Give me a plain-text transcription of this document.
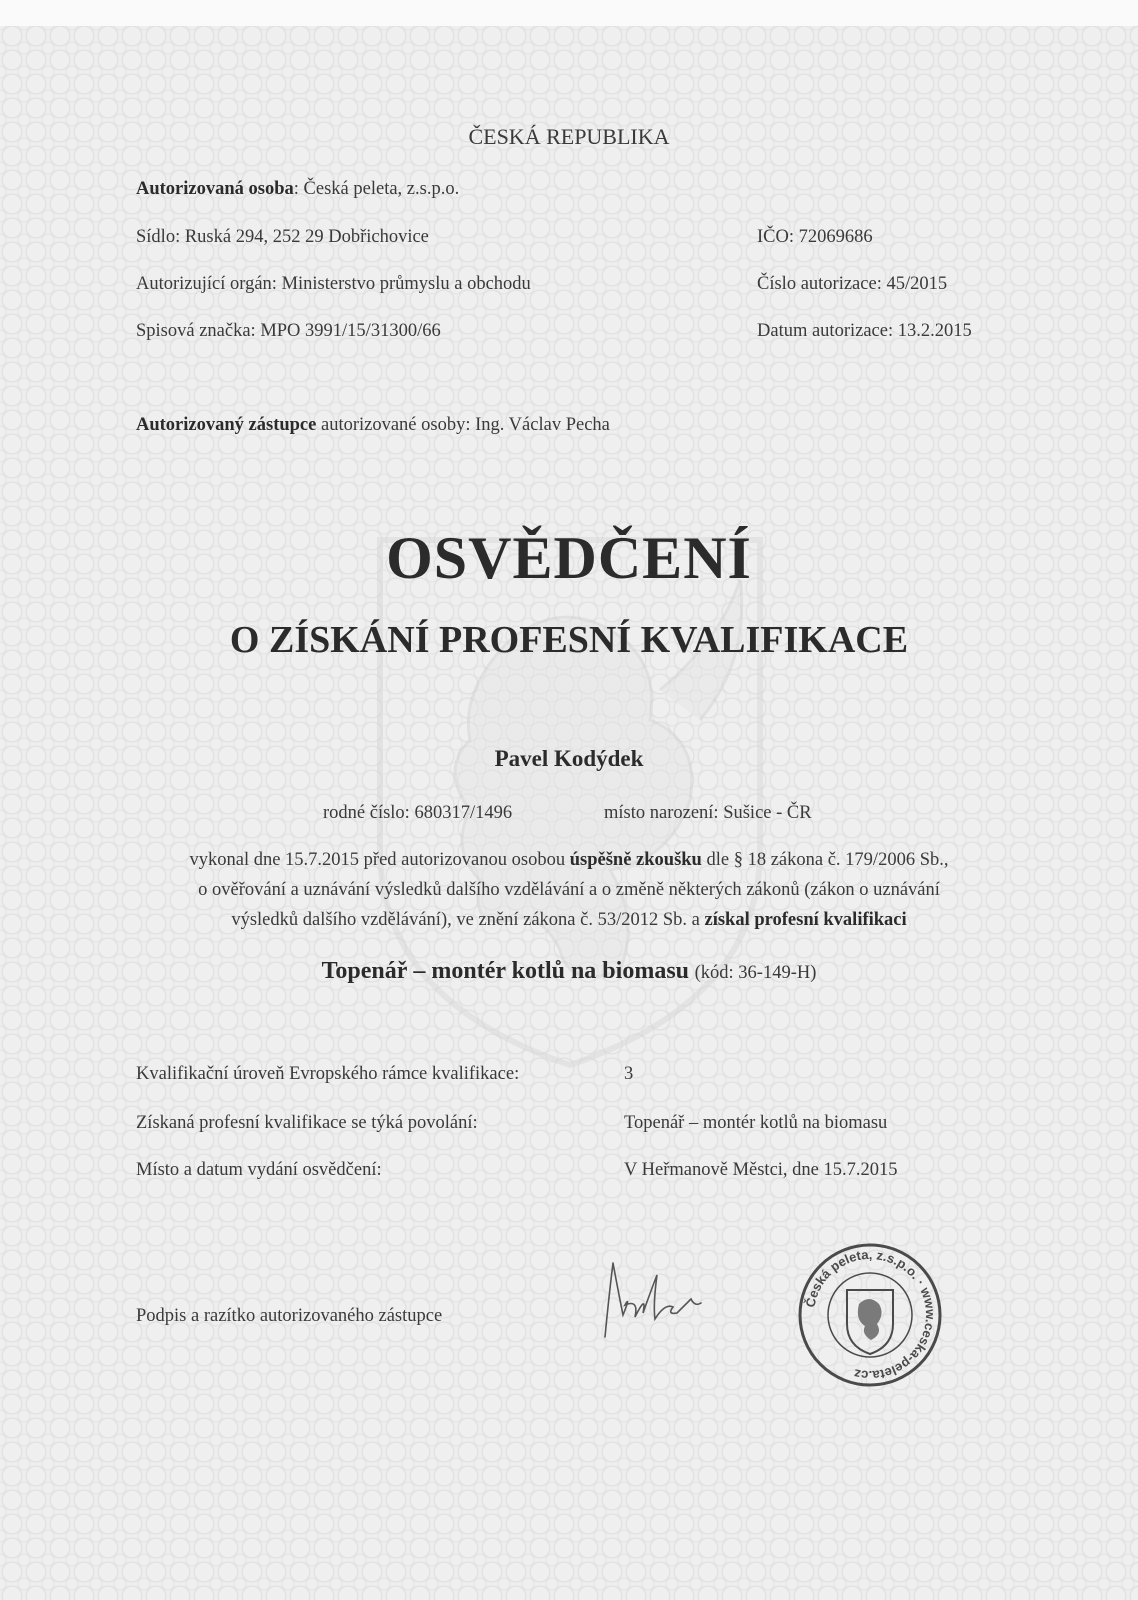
ČESKÁ REPUBLIKA
Autorizovaná osoba: Česká peleta, z.s.p.o.
Sídlo: Ruská 294, 252 29 Dobřichovice	IČO: 72069686
Autorizující orgán: Ministerstvo průmyslu a obchodu	Číslo autorizace: 45/2015
Spisová značka: MPO 3991/15/31300/66	Datum autorizace: 13.2.2015
Autorizovaný zástupce autorizované osoby: Ing. Václav Pecha
OSVĚDČENÍ
O ZÍSKÁNÍ PROFESNÍ KVALIFIKACE
Pavel Kodýdek
rodné číslo: 680317/1496	místo narození: Sušice - ČR
vykonal dne 15.7.2015 před autorizovanou osobou úspěšně zkoušku dle § 18 zákona č. 179/2006 Sb.,
o ověřování a uznávání výsledků dalšího vzdělávání a o změně některých zákonů (zákon o uznávání
výsledků dalšího vzdělávání), ve znění zákona č. 53/2012 Sb. a získal profesní kvalifikaci
Topenář – montér kotlů na biomasu (kód: 36-149-H)
Kvalifikační úroveň Evropského rámce kvalifikace:	3
Získaná profesní kvalifikace se týká povolání:	Topenář – montér kotlů na biomasu
Místo a datum vydání osvědčení:	V Heřmanově Městci, dne 15.7.2015
Podpis a razítko autorizovaného zástupce
Česká peleta, z.s.p.o. · www.ceska-peleta.cz
